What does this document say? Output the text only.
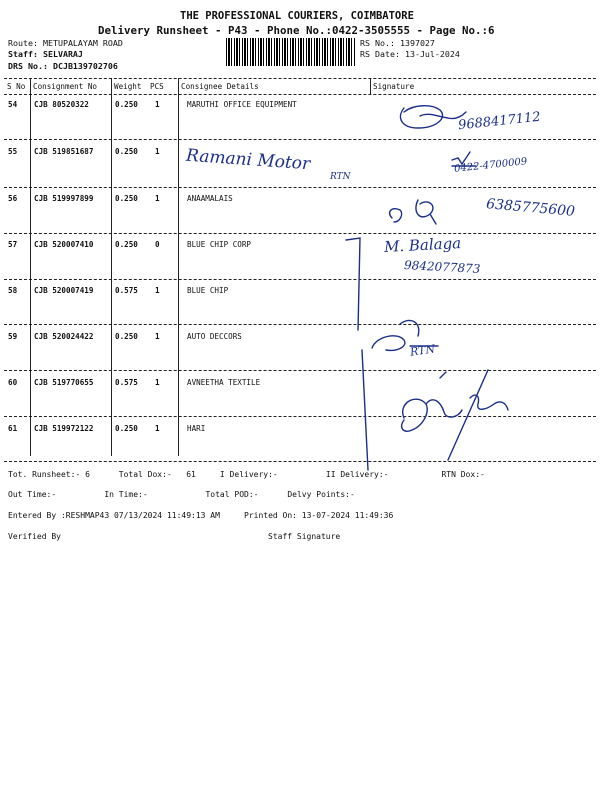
THE PROFESSIONAL COURIERS, COIMBATORE
Delivery Runsheet - P43 - Phone No.:0422-3505555 - Page No.:6
Route: METUPALAYAM ROAD
Staff: SELVARAJ
DRS No.: DCJB139702706
RS No.: 1397027
RS Date: 13-Jul-2024
S No Consignment No Weight PCS Consignee Details	Signature
54 CJB 80520322	0.250 1	MARUTHI OFFICE EQUIPMENT
55 CJB 519851687	0.250 1
56 CJB 519997899	0.250 1	ANAAMALAIS
57 CJB 520007410	0.250 0	BLUE CHIP CORP
58 CJB 520007419	0.575 1	BLUE CHIP
59 CJB 520024422	0.250 1	AUTO DECCORS
60 CJB 519770655	0.575 1	AVNEETHA TEXTILE
61 CJB 519972122	0.250 1	HARI
9688417112
Ramani Motor
RTN
0422-4700009
6385775600
M. Balaga
9842077873
RTN
Tot. Runsheet:- 6      Total Dox:-   61     I Delivery:-          II Delivery:-           RTN Dox:-
Out Time:-          In Time:-            Total POD:-      Delvy Points:-
Entered By :RESHMAP43 07/13/2024 11:49:13 AM     Printed On: 13-07-2024 11:49:36
Verified By	Staff Signature
